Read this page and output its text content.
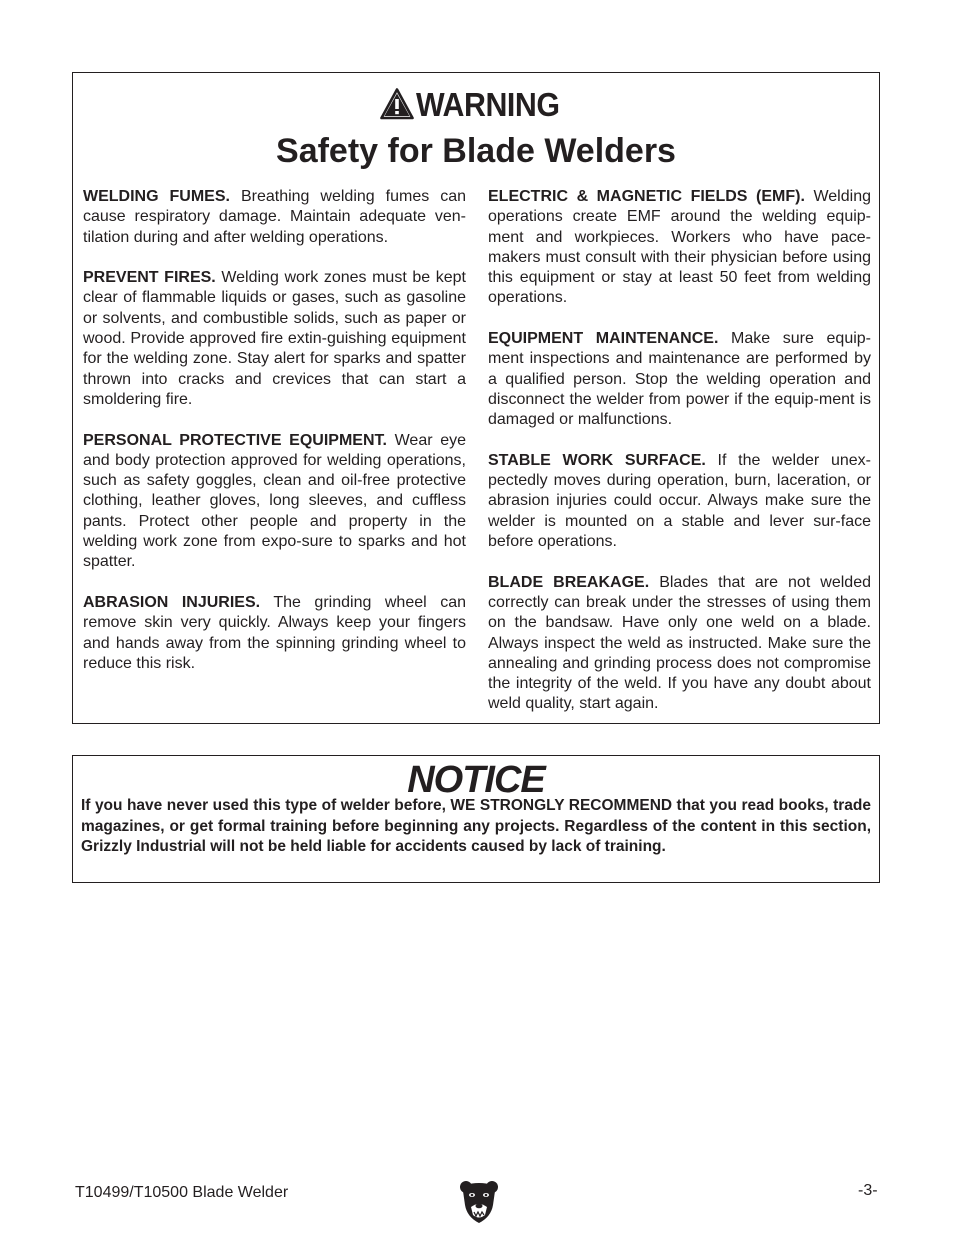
WARNING
Safety for Blade Welders

WELDING FUMES. Breathing welding fumes can cause respiratory damage. Maintain adequate ven-tilation during and after welding operations.

PREVENT FIRES. Welding work zones must be kept clear of flammable liquids or gases, such as gasoline or solvents, and combustible solids, such as paper or wood. Provide approved fire extin-guishing equipment for the welding zone. Stay alert for sparks and spatter thrown into cracks and crevices that can start a smoldering fire.

PERSONAL PROTECTIVE EQUIPMENT. Wear eye and body protection approved for welding operations, such as safety goggles, clean and oil-free protective clothing, leather gloves, long sleeves, and cuffless pants. Protect other people and property in the welding work zone from expo-sure to sparks and hot spatter.

ABRASION INJURIES. The grinding wheel can remove skin very quickly. Always keep your fingers and hands away from the spinning grinding wheel to reduce this risk.

ELECTRIC & MAGNETIC FIELDS (EMF). Welding operations create EMF around the welding equip-ment and workpieces. Workers who have pace-makers must consult with their physician before using this equipment or stay at least 50 feet from welding operations.

EQUIPMENT MAINTENANCE. Make sure equip-ment inspections and maintenance are performed by a qualified person. Stop the welding operation and disconnect the welder from power if the equip-ment is damaged or malfunctions.

STABLE WORK SURFACE. If the welder unex-pectedly moves during operation, burn, laceration, or abrasion injuries could occur. Always make sure the welder is mounted on a stable and lever sur-face before operations.

BLADE BREAKAGE. Blades that are not welded correctly can break under the stresses of using them on the bandsaw. Have only one weld on a blade. Always inspect the weld as instructed. Make sure the annealing and grinding process does not compromise the integrity of the weld. If you have any doubt about weld quality, start again.

NOTICE
If you have never used this type of welder before, WE STRONGLY RECOMMEND that you read books, trade magazines, or get formal training before beginning any projects. Regardless of the content in this section, Grizzly Industrial will not be held liable for accidents caused by lack of training.
T10499/T10500 Blade Welder	-3-
